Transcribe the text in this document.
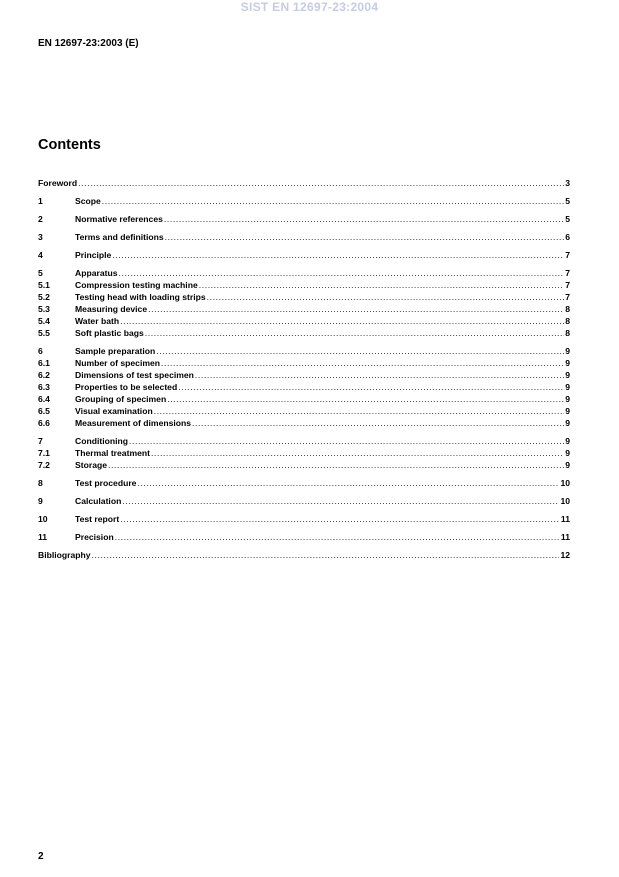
SIST EN 12697-23:2004
EN 12697-23:2003 (E)
Contents
Foreword .....	3
1	Scope .....	5
2	Normative references .....	5
3	Terms and definitions .....	6
4	Principle .....	7
5	Apparatus .....	7
5.1	Compression testing machine .....	7
5.2	Testing head with loading strips .....	7
5.3	Measuring device .....	8
5.4	Water bath .....	8
5.5	Soft plastic bags .....	8
6	Sample preparation .....	9
6.1	Number of specimen .....	9
6.2	Dimensions of test specimen .....	9
6.3	Properties to be selected .....	9
6.4	Grouping of specimen .....	9
6.5	Visual examination .....	9
6.6	Measurement of dimensions .....	9
7	Conditioning .....	9
7.1	Thermal treatment .....	9
7.2	Storage .....	9
8	Test procedure .....	10
9	Calculation .....	10
10	Test report .....	11
11	Precision .....	11
Bibliography .....	12
2
